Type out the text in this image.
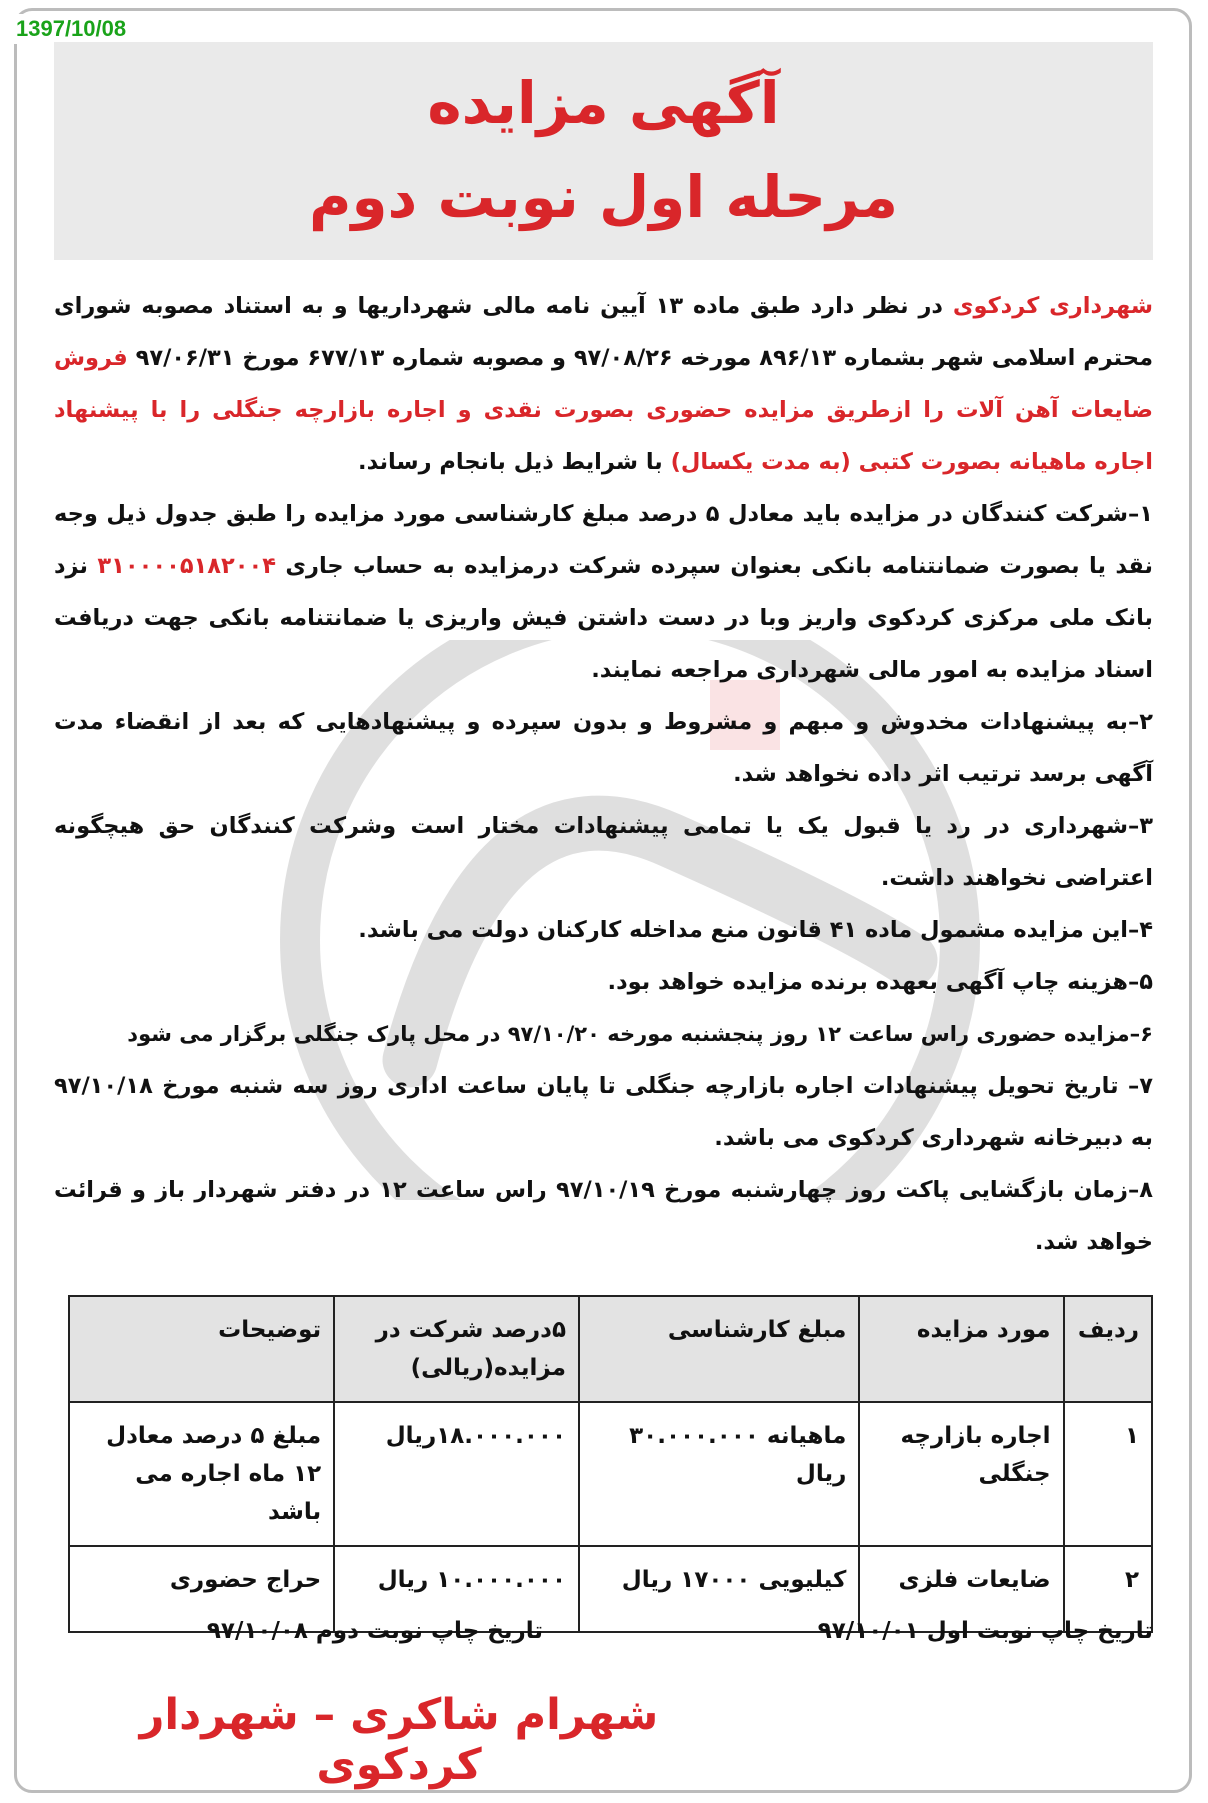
1397/10/08
آگهی مزایده
مرحله اول نوبت دوم

شهرداری کردکوی در نظر دارد طبق ماده ۱۳ آیین نامه مالی شهرداریها و به استناد مصوبه شورای محترم اسلامی شهر بشماره ۸۹۶/۱۳ مورخه ۹۷/۰۸/۲۶ و مصوبه شماره ۶۷۷/۱۳ مورخ ۹۷/۰۶/۳۱ فروش ضایعات آهن آلات را ازطریق مزایده حضوری بصورت نقدی و اجاره بازارچه جنگلی را با پیشنهاد اجاره ماهیانه بصورت کتبی (به مدت یکسال) با شرایط ذیل بانجام رساند.

۱–شرکت کنندگان در مزایده باید معادل ۵ درصد مبلغ کارشناسی مورد مزایده را طبق جدول ذیل وجه نقد یا بصورت ضمانتنامه بانکی بعنوان سپرده شرکت درمزایده به حساب جاری ۳۱۰۰۰۰۵۱۸۲۰۰۴ نزد بانک ملی مرکزی کردکوی واریز وبا در دست داشتن فیش واریزی یا ضمانتنامه بانکی جهت دریافت اسناد مزایده به امور مالی شهرداری مراجعه نمایند.

۲–به پیشنهادات مخدوش و مبهم و مشروط و بدون سپرده و پیشنهادهایی که بعد از انقضاء مدت آگهی برسد ترتیب اثر داده نخواهد شد.

۳–شهرداری در رد یا قبول یک یا تمامی پیشنهادات مختار است وشرکت کنندگان حق هیچگونه اعتراضی نخواهند داشت.

۴–این مزایده مشمول ماده ۴۱ قانون منع مداخله کارکنان دولت می باشد.

۵–هزینه چاپ آگهی بعهده برنده مزایده خواهد بود.

۶–مزایده حضوری راس ساعت ۱۲ روز پنجشنبه مورخه ۹۷/۱۰/۲۰ در محل پارک جنگلی برگزار می شود

۷– تاریخ تحویل پیشنهادات اجاره بازارچه جنگلی تا پایان ساعت اداری روز سه شنبه مورخ ۹۷/۱۰/۱۸ به دبیرخانه شهرداری کردکوی می باشد.

۸–زمان بازگشایی پاکت روز چهارشنبه مورخ ۹۷/۱۰/۱۹ راس ساعت ۱۲ در دفتر شهردار باز و قرائت خواهد شد.

ردیف	مورد مزایده	مبلغ کارشناسی	۵درصد شرکت در مزایده(ریالی)	توضیحات
۱	اجاره بازارچه جنگلی	ماهیانه ۳۰.۰۰۰.۰۰۰ ریال	۱۸.۰۰۰.۰۰۰ریال	مبلغ ۵ درصد معادل ۱۲ ماه اجاره می باشد
۲	ضایعات فلزی	کیلیویی ۱۷۰۰۰ ریال	۱۰.۰۰۰.۰۰۰ ریال	حراج حضوری
تاریخ چاپ نوبت اول ۹۷/۱۰/۰۱
تاریخ چاپ نوبت دوم ۹۷/۱۰/۰۸
شهرام شاکری – شهردار کردکوی
